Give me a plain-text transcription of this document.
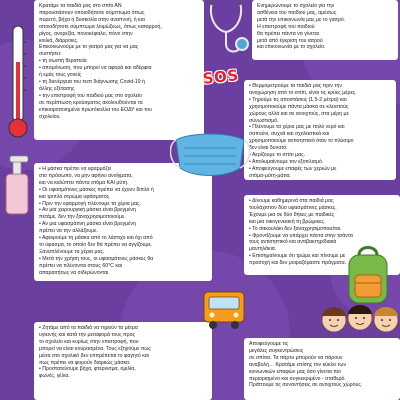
Κρατάμε τα παιδιά μας στο σπίτι ΑΝ

παρουσιάσουν οποιοδήποτε σύμπτωμα όπως

πυρετό, βήχα ή δυσκολία στην αναπνοή, ή και

οποιοδήποτε σύμπτωμα λοιμώξεως, όπως καταρροή,

ρίγος, ανορεξία, πονοκέφαλο, πόνο στην

κοιλιά, διάρροιες.

Επικοινωνούμε με το γιατρό μας για να μας

συστήσει:

• τη σωστή θεραπεία

• απομόνωση, που μπορεί να αφορά και αδέρφια

ή εμάς τους γονείς

• τη διενέργεια του τεστ διάγνωσης Covid-19 ή

άλλης εξέτασης

• την επιστροφή του παιδιού μας στο σχολείο

σε περίπτωση κρούσματος ακολουθούνται τα

επικαιροποιημένα πρωτόκολλα του ΕΟΔΥ και του

σχολείου.

Ενημερώνουμε το σχολείο για την

ασθένεια του παιδιού μας, αμέσως

μετά την επικοινωνία μας με το γιατρό.

Η επιστροφή του παιδιού

θα πρέπει πάντα να γίνεται

μετά από έγκριση του ιατρού

και επικοινωνία με το σχολείο.

• Θερμομετρούμε τα παιδιά μας πριν την

αναχώρηση από το σπίτι, είναι τις κρύες μέρες.

• Τηρούμε τις αποστάσεις (1,5-2 μέτρα) και

χρησιμοποιούμε πάντα μάσκα σε κλειστούς

χώρους αλλά και σε ανοιχτούς, στα μέρη με

συνωστισμό.

• Πλένουμε τα χέρια μας με πολύ νερό και

σαπούνι, συχνά και σχολαστικά και

χρησιμοποιούμε αντισηπτικό όταν το πλύσιμο

δεν είναι δυνατό.

• Αερίζουμε το σπίτι μας.

• Απολυμαίνουμε τον εξοπλισμό.

• Αποφεύγουμε επαφές των χεριών με

στόμα-μύτη-μάτια.

• Η μάσκα πρέπει να εφαρμόζει

στο πρόσωπο, να μην αφήνει ανοίγματα,

και να καλύπτει πάντα στόμα ΚΑΙ μύτη.

• Οι υφασμάτινες μάσκες πρέπει να έχουν διπλό ή

και τριπλό στρώμα υφάσματος.

• Πριν την εφαρμογή πλένουμε τα χέρια μας.

• Αν μια χειρουργική μάσκα είναι βρεγμένη

πετάμε, δεν την ξαναχρησιμοποιούμε.

• Αν μια υφασμάτινη μάσκα είναι βρεγμένη

πρέπει να την αλλάζουμε.

• Αφαιρούμε τη μάσκα από το λάστιχο και όχι από

το ύφασμα, το οποίο δεν θα πρέπει να αγγίζουμε.

Ξαναπλένουμε τα χέρια μας.

• Μετά την χρήση τους, οι υφασμάτινες μάσκες θα

πρέπει να πλένονται στους 60°C και

απαραιτήτως να σιδερώνονται.

• Δίνουμε καθημερινά στα παιδιά μας

τουλάχιστον δύο υφασμάτινες μάσκες.

Έχουμε μια σε δύο θήκες με παιδικές

και μια οικογενειακή τη βρώμικες.

• Το σακουλάκι δεν ξαναχρησιμοποιείται.

• Φροντίζουμε να υπάρχει πάντα στην τσάντα

τους αντισηπτικό και αντιβακτηριδιακά

μαντηλάκια.

• Επισημαίνουμε ότι τρώμε και πίνουμε με

προσοχή και δεν μοιραζόμαστε πράγματα.

• Ζητάμε από τα παιδιά να τηρούν τα μέτρα

υγιεινής και κατά την μεταφορά τους προς

το σχολείο και κυρίως στην επιστροφή, που

μπορεί να είναι κουρασμένα. Τους εξηγούμε πως

μέσα στο σχολικό δεν επιτρέπεται το φαγητό και

πως πρέπει να φορούν διαρκώς μάσκα.

• Προστατεύουμε βήχα, φτέρνισμα, ομιλία,

φωνές, γέλια.

Αποφεύγουμε τις

μεγάλες συγκεντρώσεις

σε σπίτια. Τα πάρτυ μπορούν να πάρουν

αναβολή… Κρατάμε επίσης τον κύκλο των

κοινωνικών επαφών μας όσο γίνεται πιο

περιορισμένο και συγκεκριμένο - σταθερό.

Πράττουμε τις συναντήσεις σε ανοιχτούς χώρους.

SOS
